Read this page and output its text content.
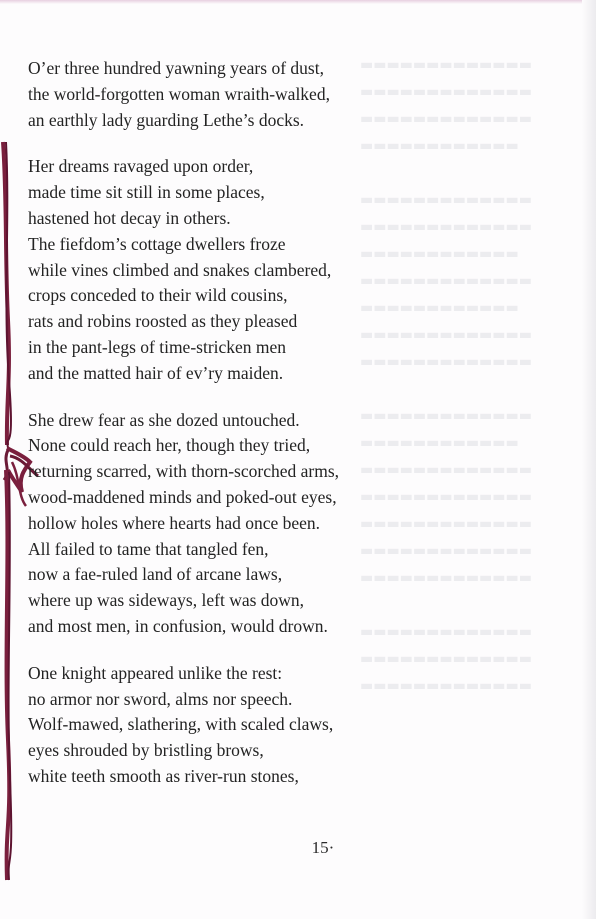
▬▬▬▬▬▬▬▬▬▬▬▬▬
▬▬▬▬▬▬▬▬▬▬▬▬▬
▬▬▬▬▬▬▬▬▬▬▬▬▬
▬▬▬▬▬▬▬▬▬▬▬▬

▬▬▬▬▬▬▬▬▬▬▬▬▬
▬▬▬▬▬▬▬▬▬▬▬▬▬
▬▬▬▬▬▬▬▬▬▬▬▬
▬▬▬▬▬▬▬▬▬▬▬▬▬
▬▬▬▬▬▬▬▬▬▬▬▬
▬▬▬▬▬▬▬▬▬▬▬▬▬
▬▬▬▬▬▬▬▬▬▬▬▬▬

▬▬▬▬▬▬▬▬▬▬▬▬▬
▬▬▬▬▬▬▬▬▬▬▬▬
▬▬▬▬▬▬▬▬▬▬▬▬▬
▬▬▬▬▬▬▬▬▬▬▬▬▬
▬▬▬▬▬▬▬▬▬▬▬▬▬
▬▬▬▬▬▬▬▬▬▬▬▬▬
▬▬▬▬▬▬▬▬▬▬▬▬▬

▬▬▬▬▬▬▬▬▬▬▬▬▬
▬▬▬▬▬▬▬▬▬▬▬▬▬
▬▬▬▬▬▬▬▬▬▬▬▬▬
O’er three hundred yawning years of dust,
the world-forgotten woman wraith-walked,
an earthly lady guarding Lethe’s docks.
Her dreams ravaged upon order,
made time sit still in some places,
hastened hot decay in others.
The fiefdom’s cottage dwellers froze
while vines climbed and snakes clambered,
crops conceded to their wild cousins,
rats and robins roosted as they pleased
in the pant-legs of time-stricken men
and the matted hair of ev’ry maiden.
She drew fear as she dozed untouched.
None could reach her, though they tried,
returning scarred, with thorn-scorched arms,
wood-maddened minds and poked-out eyes,
hollow holes where hearts had once been.
All failed to tame that tangled fen,
now a fae-ruled land of arcane laws,
where up was sideways, left was down,
and most men, in confusion, would drown.
One knight appeared unlike the rest:
no armor nor sword, alms nor speech.
Wolf-mawed, slathering, with scaled claws,
eyes shrouded by bristling brows,
white teeth smooth as river-run stones,
15·
